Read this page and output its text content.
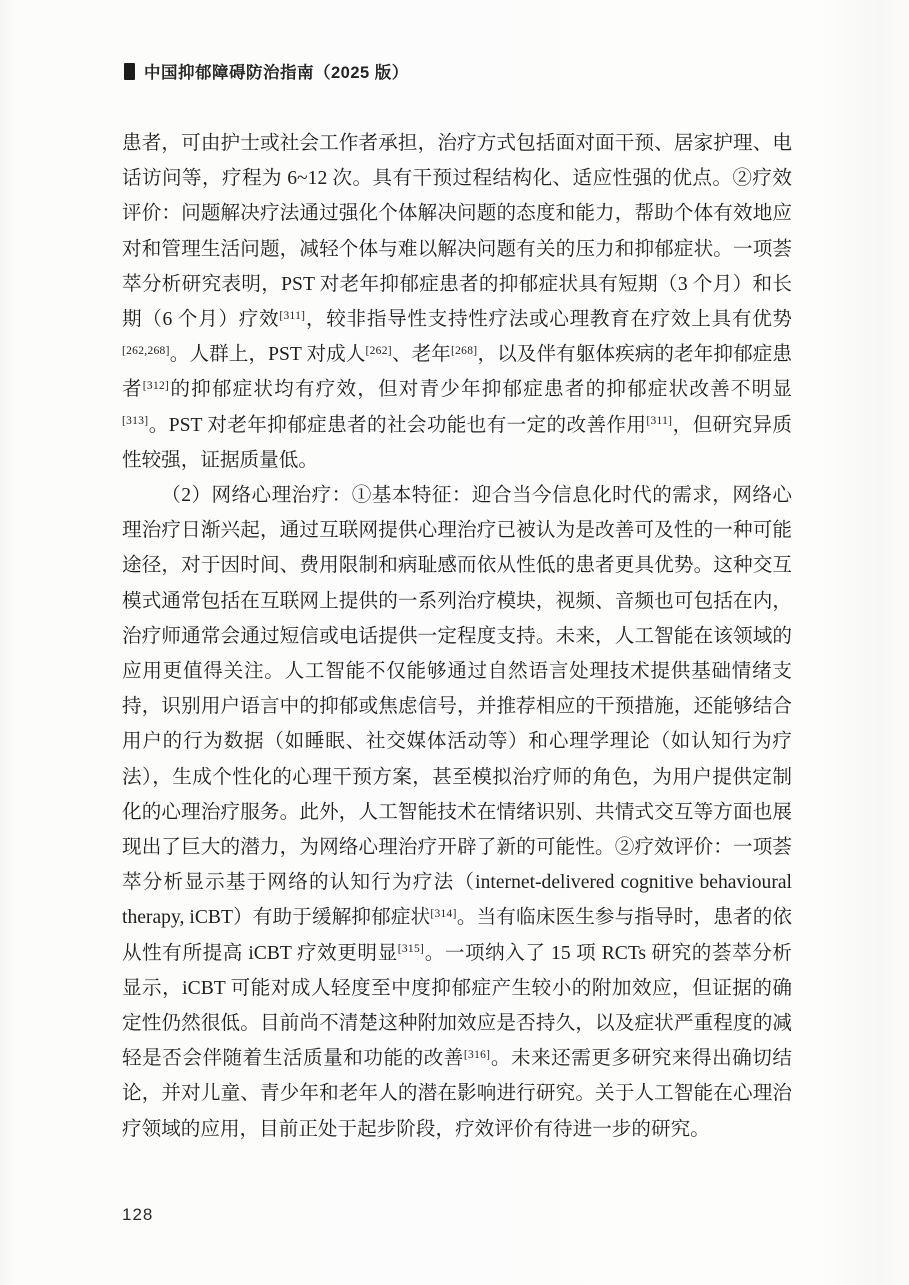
中国抑郁障碍防治指南（2025 版）

患者，可由护士或社会工作者承担，治疗方式包括面对面干预、居家护理、电话访问等，疗程为 6~12 次。具有干预过程结构化、适应性强的优点。②疗效评价：问题解决疗法通过强化个体解决问题的态度和能力，帮助个体有效地应对和管理生活问题，减轻个体与难以解决问题有关的压力和抑郁症状。一项荟萃分析研究表明，PST 对老年抑郁症患者的抑郁症状具有短期（3 个月）和长期（6 个月）疗效[311]，较非指导性支持性疗法或心理教育在疗效上具有优势[262,268]。人群上，PST 对成人[262]、老年[268]，以及伴有躯体疾病的老年抑郁症患者[312]的抑郁症状均有疗效，但对青少年抑郁症患者的抑郁症状改善不明显[313]。PST 对老年抑郁症患者的社会功能也有一定的改善作用[311]，但研究异质性较强，证据质量低。

（2）网络心理治疗：①基本特征：迎合当今信息化时代的需求，网络心理治疗日渐兴起，通过互联网提供心理治疗已被认为是改善可及性的一种可能途径，对于因时间、费用限制和病耻感而依从性低的患者更具优势。这种交互模式通常包括在互联网上提供的一系列治疗模块，视频、音频也可包括在内，治疗师通常会通过短信或电话提供一定程度支持。未来，人工智能在该领域的应用更值得关注。人工智能不仅能够通过自然语言处理技术提供基础情绪支持，识别用户语言中的抑郁或焦虑信号，并推荐相应的干预措施，还能够结合用户的行为数据（如睡眠、社交媒体活动等）和心理学理论（如认知行为疗法），生成个性化的心理干预方案，甚至模拟治疗师的角色，为用户提供定制化的心理治疗服务。此外，人工智能技术在情绪识别、共情式交互等方面也展现出了巨大的潜力，为网络心理治疗开辟了新的可能性。②疗效评价：一项荟萃分析显示基于网络的认知行为疗法（internet-delivered cognitive behavioural therapy, iCBT）有助于缓解抑郁症状[314]。当有临床医生参与指导时，患者的依从性有所提高 iCBT 疗效更明显[315]。一项纳入了 15 项 RCTs 研究的荟萃分析显示，iCBT 可能对成人轻度至中度抑郁症产生较小的附加效应，但证据的确定性仍然很低。目前尚不清楚这种附加效应是否持久，以及症状严重程度的减轻是否会伴随着生活质量和功能的改善[316]。未来还需更多研究来得出确切结论，并对儿童、青少年和老年人的潜在影响进行研究。关于人工智能在心理治疗领域的应用，目前正处于起步阶段，疗效评价有待进一步的研究。

128
